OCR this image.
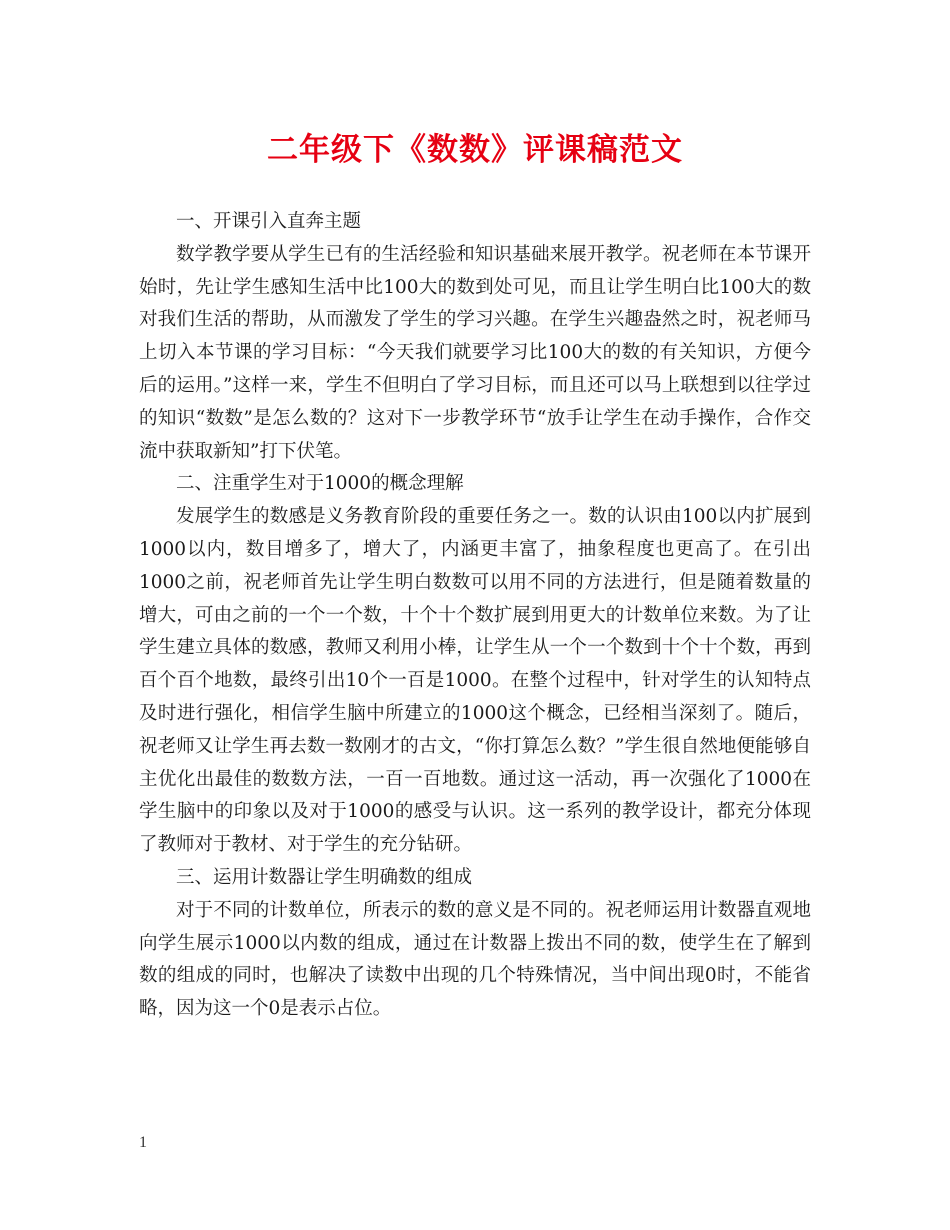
二年级下《数数》评课稿范文

一、开课引入直奔主题

数学教学要从学生已有的生活经验和知识基础来展开教学。祝老师在本节课开始时，先让学生感知生活中比100大的数到处可见，而且让学生明白比100大的数对我们生活的帮助，从而激发了学生的学习兴趣。在学生兴趣盎然之时，祝老师马上切入本节课的学习目标：“今天我们就要学习比100大的数的有关知识，方便今后的运用。”这样一来，学生不但明白了学习目标，而且还可以马上联想到以往学过的知识“数数”是怎么数的？这对下一步教学环节“放手让学生在动手操作，合作交流中获取新知”打下伏笔。

二、注重学生对于1000的概念理解

发展学生的数感是义务教育阶段的重要任务之一。数的认识由100以内扩展到1000以内，数目增多了，增大了，内涵更丰富了，抽象程度也更高了。在引出1000之前，祝老师首先让学生明白数数可以用不同的方法进行，但是随着数量的增大，可由之前的一个一个数，十个十个数扩展到用更大的计数单位来数。为了让学生建立具体的数感，教师又利用小棒，让学生从一个一个数到十个十个数，再到百个百个地数，最终引出10个一百是1000。在整个过程中，针对学生的认知特点及时进行强化，相信学生脑中所建立的1000这个概念，已经相当深刻了。随后，祝老师又让学生再去数一数刚才的古文，“你打算怎么数？”学生很自然地便能够自主优化出最佳的数数方法，一百一百地数。通过这一活动，再一次强化了1000在学生脑中的印象以及对于1000的感受与认识。这一系列的教学设计，都充分体现了教师对于教材、对于学生的充分钻研。

三、运用计数器让学生明确数的组成

对于不同的计数单位，所表示的数的意义是不同的。祝老师运用计数器直观地向学生展示1000以内数的组成，通过在计数器上拨出不同的数，使学生在了解到数的组成的同时，也解决了读数中出现的几个特殊情况，当中间出现0时，不能省略，因为这一个0是表示占位。

1
